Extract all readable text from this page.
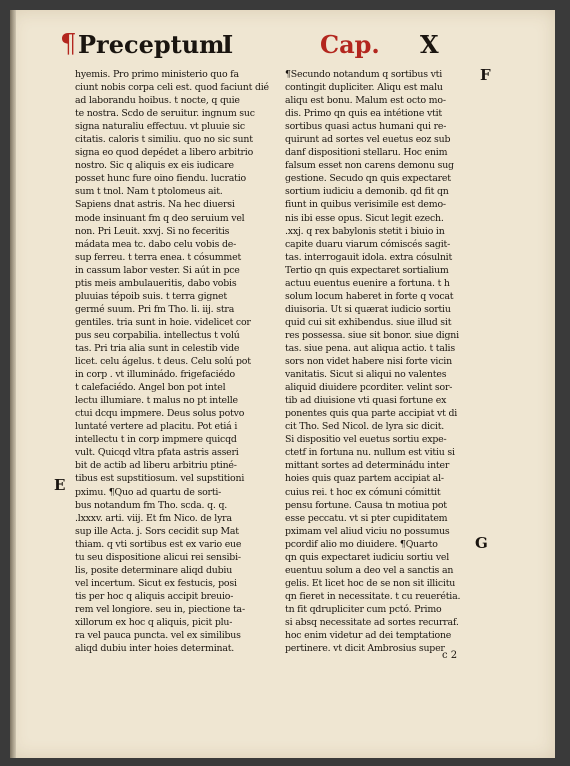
¶ Preceptum
I	Cap. X
hyemis. Pro primo ministerio quo fa
ciunt nobis corpa celi est. quod faciunt dié
ad laborandu hoibus. t nocte, q quie
te nostra. Scdo de seruitur. ingnum suc
signa naturaliu effectuu. vt pluuie sic
citatis. caloris t similiu. quo no sic sunt
signa eo quod depédet a libero arbitrio
nostro. Sic q aliquis ex eis iudicare
posset hunc fure oino fiendu. lucratio
sum t tnol. Nam t ptolomeus ait.
Sapiens dnat astris. Na hec diuersi
mode insinuant fm q deo seruium vel
non. Pri Leuit. xxvj. Si no feceritis
mádata mea tc. dabo celu vobis de-
sup ferreu. t terra enea. t cósummet
in cassum labor vester. Si aút in pce
ptis meis ambulaueritis, dabo vobis
pluuias tépoib suis. t terra gignet
germé suum. Pri fm Tho. li. iij. stra
gentiles. tria sunt in hoie. videlicet cor
pus seu corpabilia. intellectus t volú
tas. Pri tria alia sunt in celestib vide
licet. celu ágelus. t deus. Celu solú pot
in corp . vt illuminádo. frigefaciédo
t calefaciédo. Angel bon pot intel
lectu illumiare. t malus no pt intelle
ctui dcqu impmere. Deus solus potvo
luntaté vertere ad placitu. Pot etiá i
intellectu t in corp impmere quicqd
vult. Quicqd vltra pfata astris asseri
bit de actib ad liberu arbitriu ptiné-
tibus est supstitiosum. vel supstitioni
pximu. ¶Quo ad quartu de sorti-
bus notandum fm Tho. scda. q. q.
.lxxxv. arti. viij. Et fm Nico. de lyra
sup ille Acta. j. Sors cecidit sup Mat
thiam. q vti sortibus est ex vario eue
tu seu dispositione alicui rei sensibi-
lis, posite determinare aliqd dubiu
vel incertum. Sicut ex festucis, posi
tis per hoc q aliquis accipit breuio-
rem vel longiore. seu in, piectione ta-
xillorum ex hoc q aliquis, picit plu-
ra vel pauca puncta. vel ex similibus
aliqd dubiu inter hoies determinat.
¶Secundo notandum q sortibus vti
contingit dupliciter. Aliqu est malu
aliqu est bonu. Malum est octo mo-
dis. Primo qn quis ea intétione vtit
sortibus quasi actus humani qui re-
quirunt ad sortes vel euetus eoz sub
danf dispositioni stellaru. Hoc enim
falsum esset non carens demonu sug
gestione. Secudo qn quis expectaret
sortium iudiciu a demonib. qd fit qn
fiunt in quibus verisimile est demo-
nis ibi esse opus. Sicut legit ezech.
.xxj. q rex babylonis stetit i biuio in
capite duaru viarum cómiscés sagit-
tas. interrogauit idola. extra cósulnit
Tertio qn quis expectaret sortialium
actuu euentus euenire a fortuna. t h
solum locum haberet in forte q vocat
diuisoria. Ut si quærat iudicio sortiu
quid cui sit exhibendus. siue illud sit
res possessa. siue sit bonor. siue digni
tas. siue pena. aut aliqua actio. t talis
sors non videt habere nisi forte vicin
vanitatis. Sicut si aliqui no valentes
aliquid diuidere pcorditer. velint sor-
tib ad diuisione vti quasi fortune ex
ponentes quis qua parte accipiat vt di
cit Tho. Sed Nicol. de lyra sic dicit.
Si dispositio vel euetus sortiu expe-
ctetf in fortuna nu. nullum est vitiu si
mittant sortes ad determinádu inter
hoies quis quaz partem accipiat al-
cuius rei. t hoc ex cómuni cómittit
pensu fortune. Causa tn motiua pot
esse peccatu. vt si pter cupiditatem
pximam vel aliud viciu no possumus
pcordif alio mo diuidere. ¶Quarto
qn quis expectaret iudiciu sortiu vel
euentuu solum a deo vel a sanctis an
gelis. Et licet hoc de se non sit illicitu
qn fieret in necessitate. t cu reuerétia.
tn fit qdrupliciter cum pctó. Primo
si absq necessitate ad sortes recurraf.
hoc enim videtur ad dei temptatione
pertinere. vt dicit Ambrosius super
F
E
G
c 2
